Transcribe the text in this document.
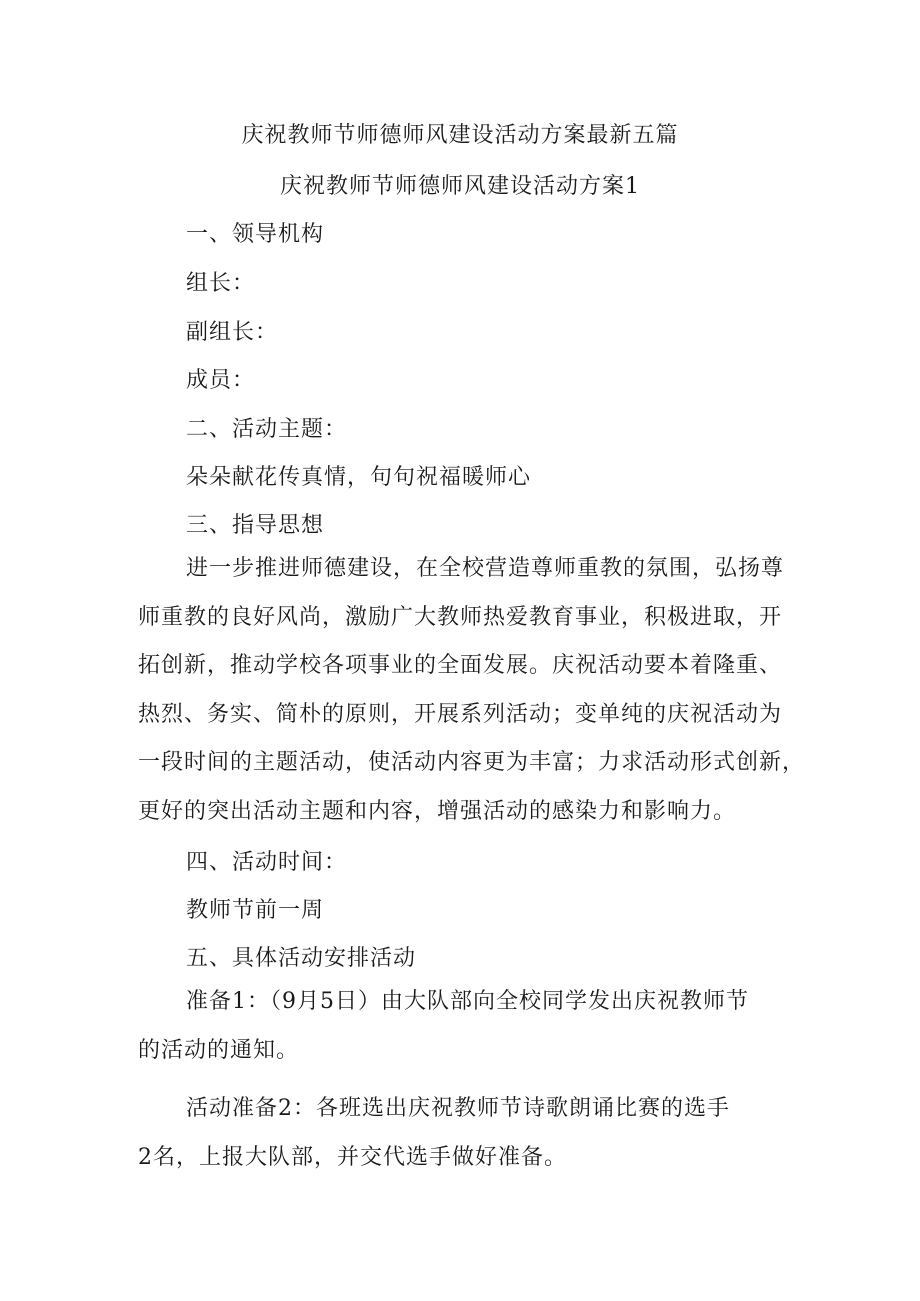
庆祝教师节师德师风建设活动方案最新五篇
庆祝教师节师德师风建设活动方案1
一、领导机构
组长：
副组长：
成员：
二、活动主题：
朵朵献花传真情，句句祝福暖师心
三、指导思想
进一步推进师德建设，在全校营造尊师重教的氛围，弘扬尊
师重教的良好风尚，激励广大教师热爱教育事业，积极进取，开
拓创新，推动学校各项事业的全面发展。庆祝活动要本着隆重、
热烈、务实、简朴的原则，开展系列活动；变单纯的庆祝活动为
一段时间的主题活动，使活动内容更为丰富；力求活动形式创新，
更好的突出活动主题和内容，增强活动的感染力和影响力。
四、活动时间：
教师节前一周
五、具体活动安排活动
准备1：（9月5日）由大队部向全校同学发出庆祝教师节
的活动的通知。
活动准备2：各班选出庆祝教师节诗歌朗诵比赛的选手
2名，上报大队部，并交代选手做好准备。
